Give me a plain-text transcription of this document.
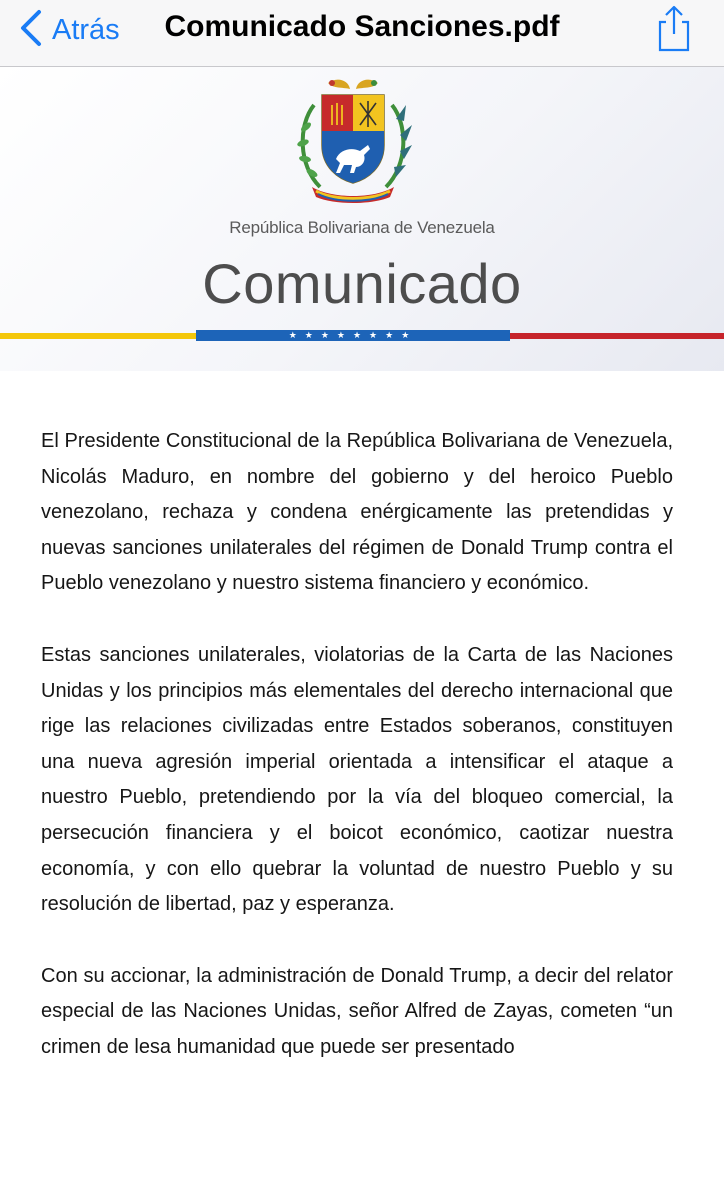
Atrás	Comunicado Sanciones.pdf
República Bolivariana de Venezuela
Comunicado
★★★★★★★★

El Presidente Constitucional de la República Bolivariana de Venezuela, Nicolás Maduro, en nombre del gobierno y del heroico Pueblo venezolano, rechaza y condena enérgicamente las pretendidas y nuevas sanciones unilaterales del régimen de Donald Trump contra el Pueblo venezolano y nuestro sistema financiero y económico.

Estas sanciones unilaterales, violatorias de la Carta de las Naciones Unidas y los principios más elementales del derecho internacional que rige las relaciones civilizadas entre Estados soberanos, constituyen una nueva agresión imperial orientada a intensificar el ataque a nuestro Pueblo, pretendiendo por la vía del bloqueo comercial, la persecución financiera y el boicot económico, caotizar nuestra economía, y con ello quebrar la voluntad de nuestro Pueblo y su resolución de libertad, paz y esperanza.

Con su accionar, la administración de Donald Trump, a decir del relator especial de las Naciones Unidas, señor Alfred de Zayas, cometen “un crimen de lesa humanidad que puede ser presentado
